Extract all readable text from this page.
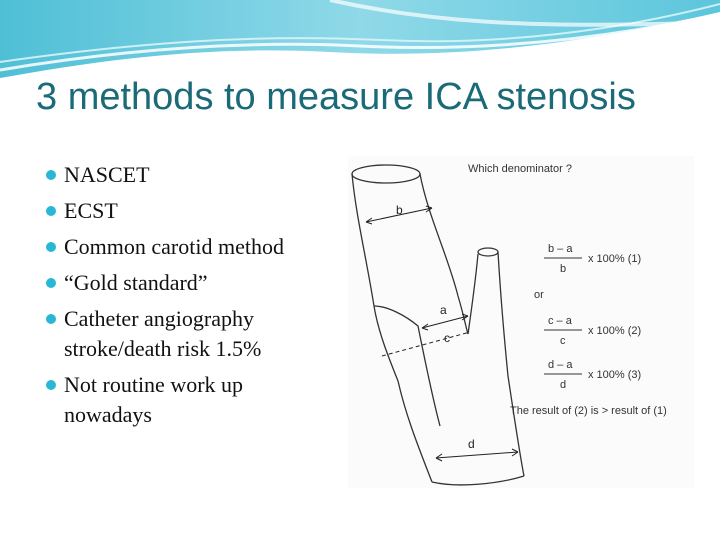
3 methods to measure ICA stenosis
NASCET
ECST
Common carotid method
“Gold standard”
Catheter angiography stroke/death risk 1.5%
Not routine work up nowadays
b
a
c
d
Which denominator ?
b – a
b
x 100% (1)
or
c – a
c
x 100% (2)
d – a
d
x 100% (3)
The result of (2) is > result of (1)
